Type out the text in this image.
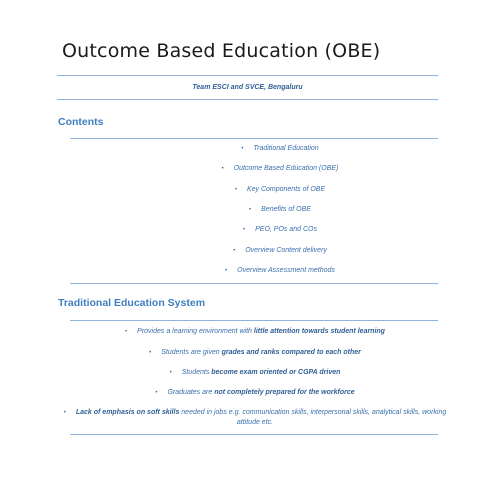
Outcome Based Education (OBE)
Team ESCI and SVCE, Bengaluru
Contents
• Traditional Education
• Outcome Based Education (OBE)
• Key Components of OBE
• Benefits of OBE
• PEO, POs and COs
• Overview Content delivery
• Overview Assessment methods
Traditional Education System
• Provides a learning environment with little attention towards student learning
• Students are given grades and ranks compared to each other
• Students become exam oriented or CGPA driven
• Graduates are not completely prepared for the workforce
• Lack of emphasis on soft skills needed in jobs e.g. communication skills, interpersonal skills, analytical skills, working attitude etc.
